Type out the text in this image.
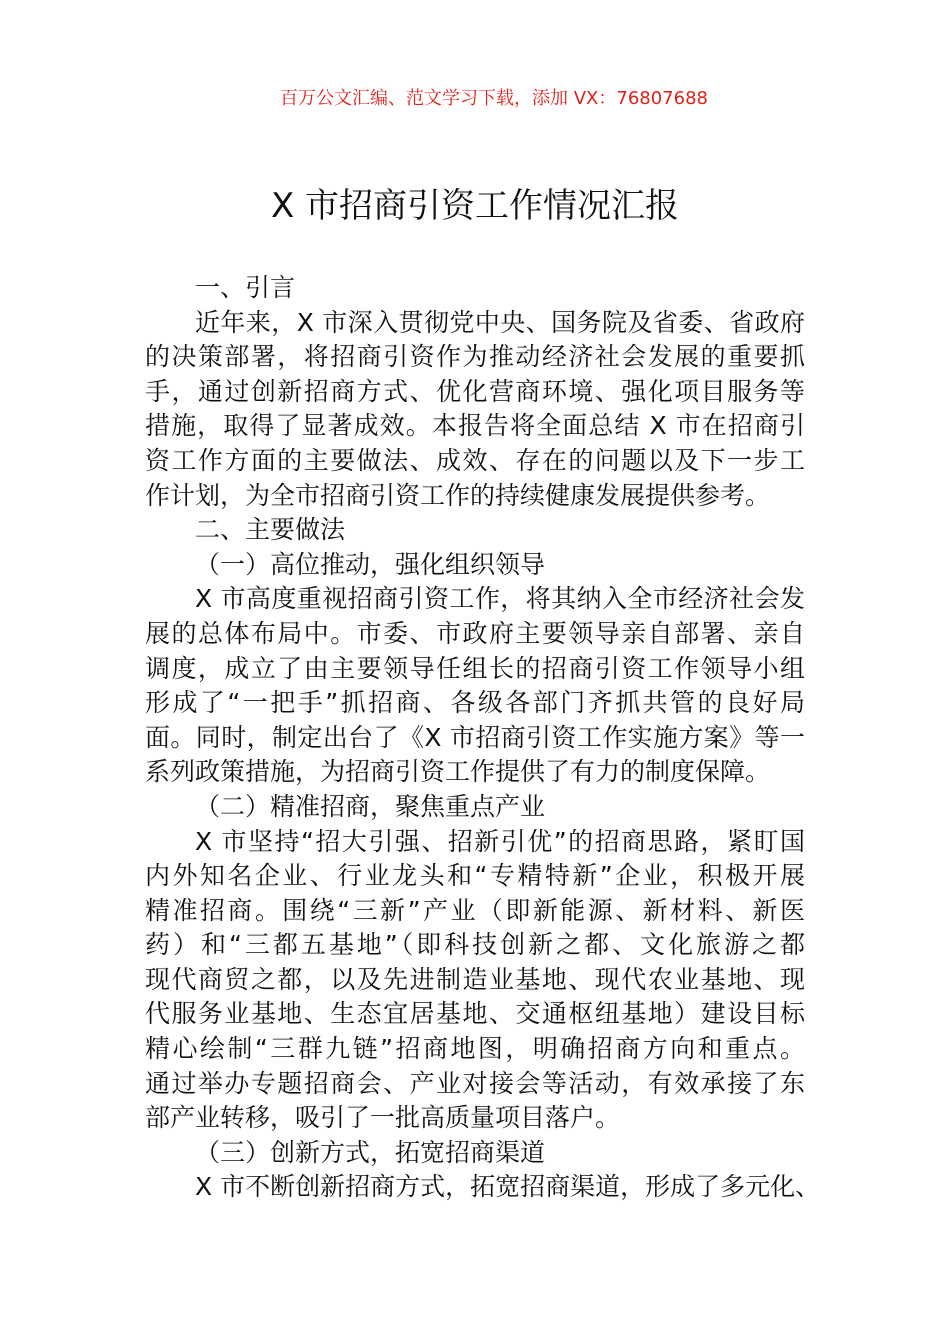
百万公文汇编、范文学习下载，添加 VX：76807688
X 市招商引资工作情况汇报
一、引言
近年来，X 市深入贯彻党中央、国务院及省委、省政府
的决策部署，将招商引资作为推动经济社会发展的重要抓
手，通过创新招商方式、优化营商环境、强化项目服务等
措施，取得了显著成效。本报告将全面总结 X 市在招商引
资工作方面的主要做法、成效、存在的问题以及下一步工
作计划，为全市招商引资工作的持续健康发展提供参考。
二、主要做法
（一）高位推动，强化组织领导
X 市高度重视招商引资工作，将其纳入全市经济社会发
展的总体布局中。市委、市政府主要领导亲自部署、亲自
调度，成立了由主要领导任组长的招商引资工作领导小组
形成了“一把手”抓招商、各级各部门齐抓共管的良好局
面。同时，制定出台了《X 市招商引资工作实施方案》等一
系列政策措施，为招商引资工作提供了有力的制度保障。
（二）精准招商，聚焦重点产业
X 市坚持“招大引强、招新引优”的招商思路，紧盯国
内外知名企业、行业龙头和“专精特新”企业，积极开展
精准招商。围绕“三新”产业（即新能源、新材料、新医
药）和“三都五基地”（即科技创新之都、文化旅游之都
现代商贸之都，以及先进制造业基地、现代农业基地、现
代服务业基地、生态宜居基地、交通枢纽基地）建设目标
精心绘制“三群九链”招商地图，明确招商方向和重点。
通过举办专题招商会、产业对接会等活动，有效承接了东
部产业转移，吸引了一批高质量项目落户。
（三）创新方式，拓宽招商渠道
X 市不断创新招商方式，拓宽招商渠道，形成了多元化、
